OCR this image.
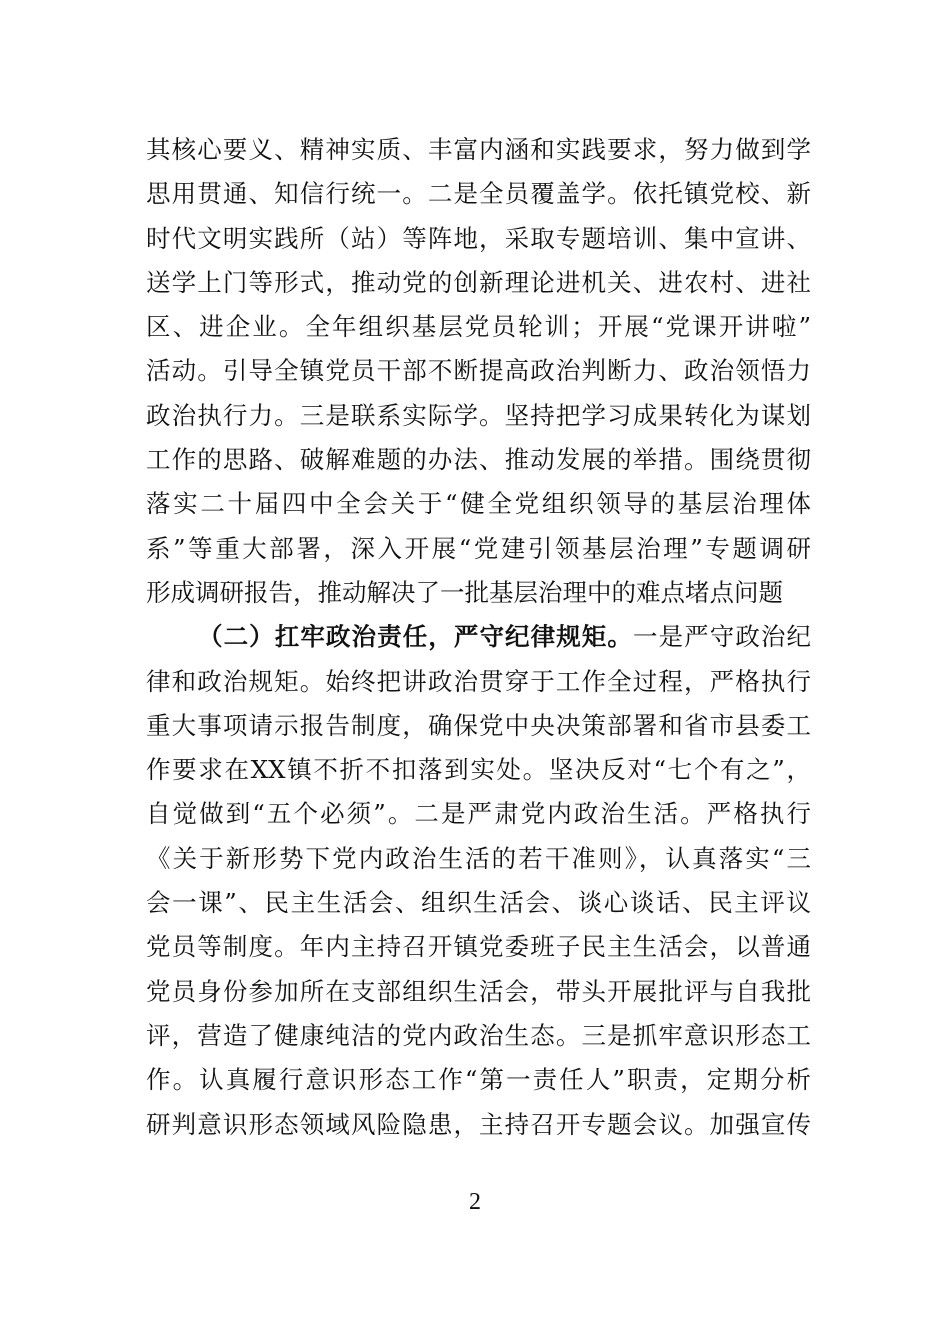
其核心要义、精神实质、丰富内涵和实践要求，努力做到学
思用贯通、知信行统一。二是全员覆盖学。依托镇党校、新
时代文明实践所（站）等阵地，采取专题培训、集中宣讲、
送学上门等形式，推动党的创新理论进机关、进农村、进社
区、进企业。全年组织基层党员轮训；开展“党课开讲啦”
活动。引导全镇党员干部不断提高政治判断力、政治领悟力
政治执行力。三是联系实际学。坚持把学习成果转化为谋划
工作的思路、破解难题的办法、推动发展的举措。围绕贯彻
落实二十届四中全会关于“健全党组织领导的基层治理体
系”等重大部署，深入开展“党建引领基层治理”专题调研
形成调研报告，推动解决了一批基层治理中的难点堵点问题
（二）扛牢政治责任，严守纪律规矩。一是严守政治纪
律和政治规矩。始终把讲政治贯穿于工作全过程，严格执行
重大事项请示报告制度，确保党中央决策部署和省市县委工
作要求在XX镇不折不扣落到实处。坚决反对“七个有之”，
自觉做到“五个必须”。二是严肃党内政治生活。严格执行
《关于新形势下党内政治生活的若干准则》，认真落实“三
会一课”、民主生活会、组织生活会、谈心谈话、民主评议
党员等制度。年内主持召开镇党委班子民主生活会，以普通
党员身份参加所在支部组织生活会，带头开展批评与自我批
评，营造了健康纯洁的党内政治生态。三是抓牢意识形态工
作。认真履行意识形态工作“第一责任人”职责，定期分析
研判意识形态领域风险隐患，主持召开专题会议。加强宣传
2
